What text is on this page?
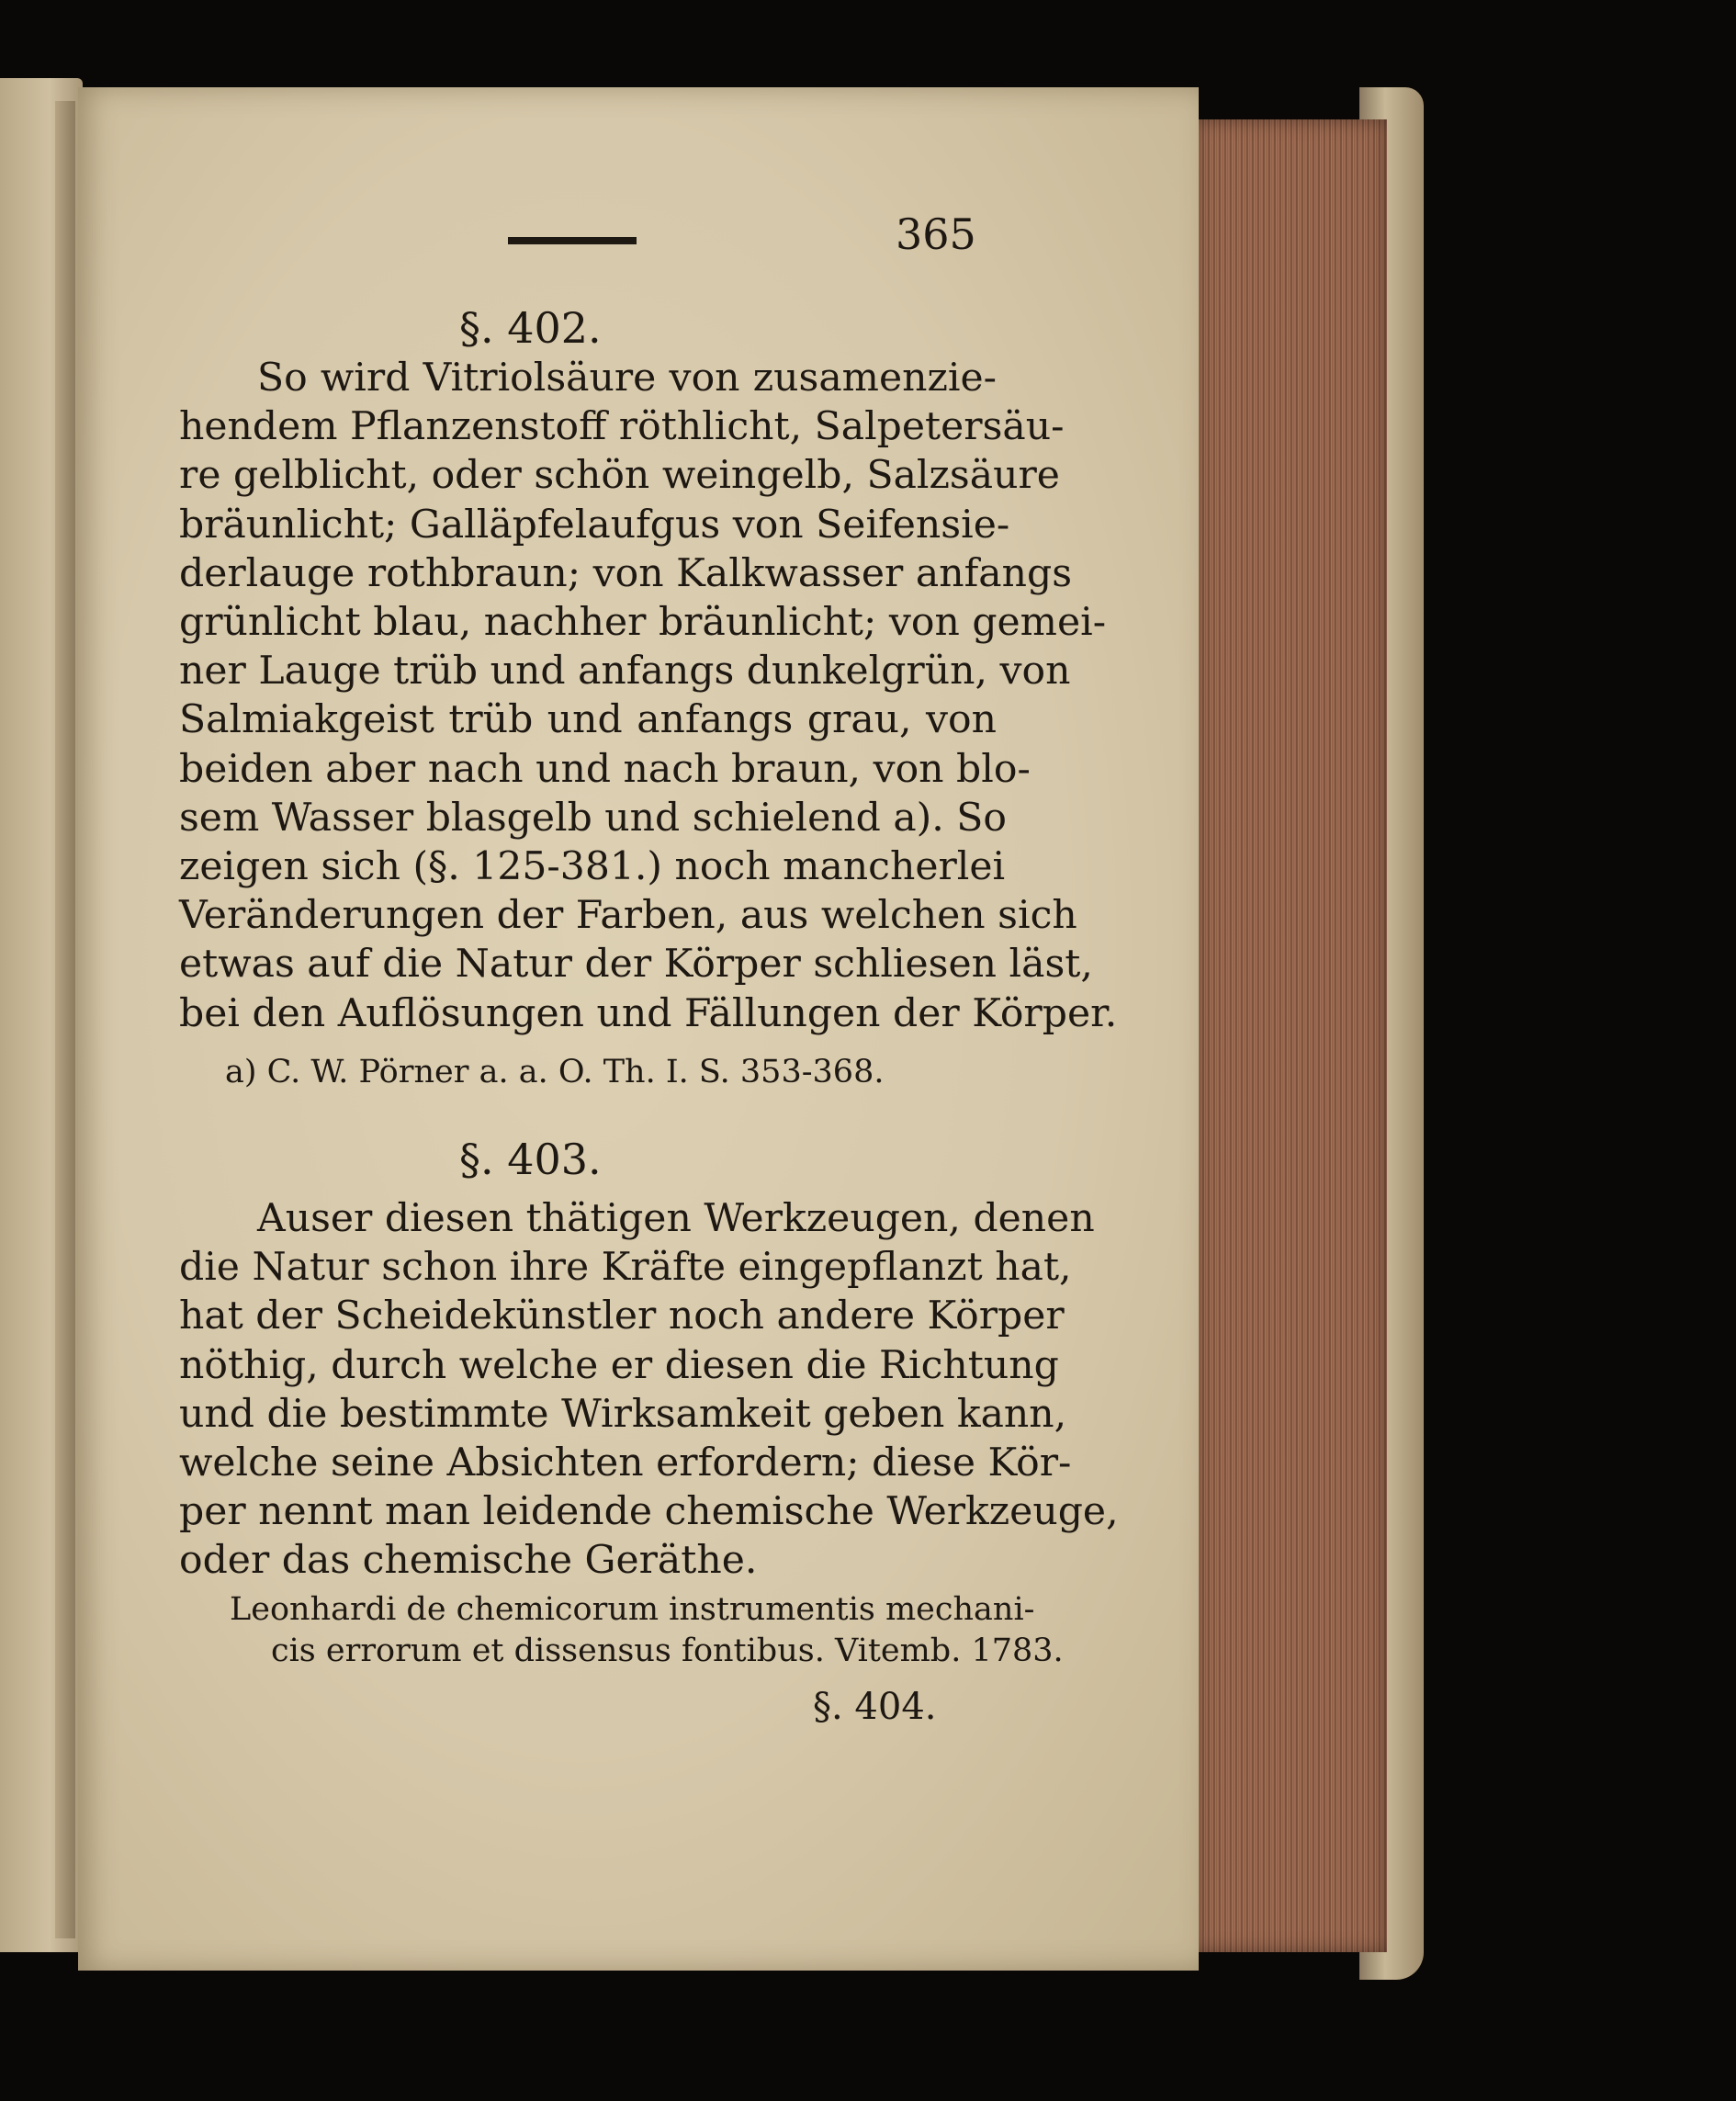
365
§. 402.
So wird Vitriolsäure von zusamenzie-
hendem Pflanzenstoff röthlicht, Salpetersäu-
re gelblicht, oder schön weingelb, Salzsäure
bräunlicht; Galläpfelaufgus von Seifensie-
derlauge rothbraun; von Kalkwasser anfangs
grünlicht blau, nachher bräunlicht; von gemei-
ner Lauge trüb und anfangs dunkelgrün, von
Salmiakgeist trüb und anfangs grau, von
beiden aber nach und nach braun, von blo-
sem Wasser blasgelb und schielend a). So
zeigen sich (§. 125-381.) noch mancherlei
Veränderungen der Farben, aus welchen sich
etwas auf die Natur der Körper schliesen läst,
bei den Auflösungen und Fällungen der Körper.
a) C. W. Pörner a. a. O. Th. I. S. 353-368.
§. 403.
Auser diesen thätigen Werkzeugen, denen
die Natur schon ihre Kräfte eingepflanzt hat,
hat der Scheidekünstler noch andere Körper
nöthig, durch welche er diesen die Richtung
und die bestimmte Wirksamkeit geben kann,
welche seine Absichten erfordern; diese Kör-
per nennt man leidende chemische Werkzeuge,
oder das chemische Geräthe.
Leonhardi de chemicorum instrumentis mechani-
cis errorum et dissensus fontibus. Vitemb. 1783.
§. 404.
